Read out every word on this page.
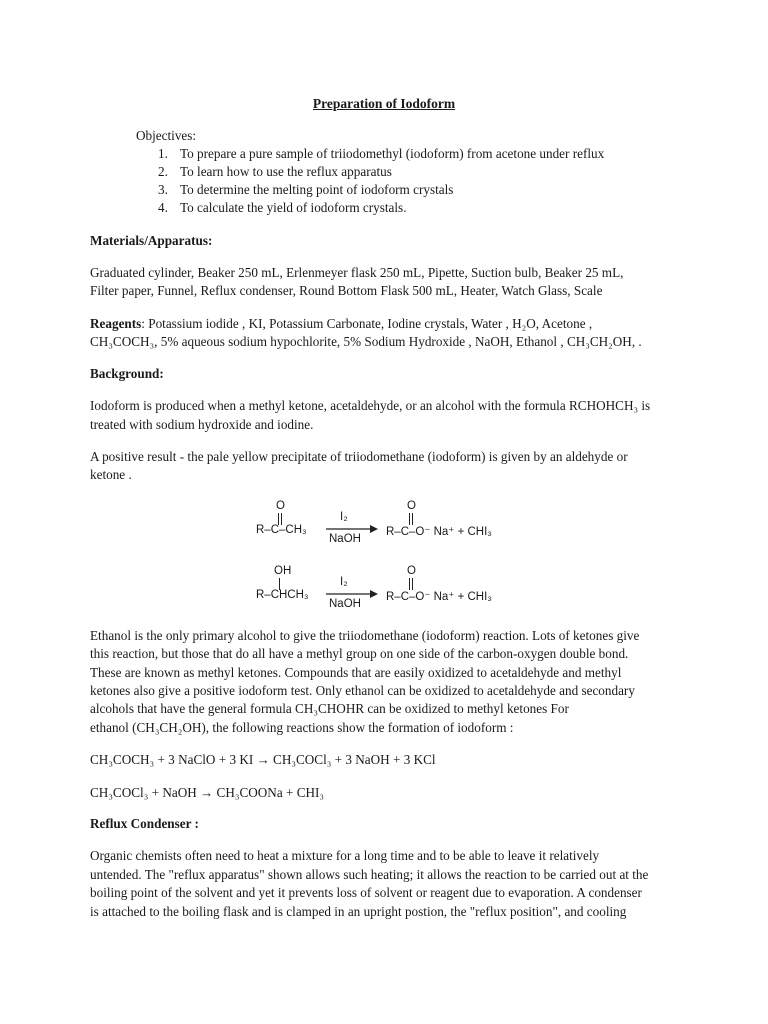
Preparation of Iodoform
Objectives:
1. To prepare a pure sample of triiodomethyl (iodoform) from acetone under reflux
2. To learn how to use the reflux apparatus
3. To determine the melting point of iodoform crystals
4. To calculate the yield of iodoform crystals.
Materials/Apparatus:
Graduated cylinder, Beaker 250 mL, Erlenmeyer flask 250 mL, Pipette, Suction bulb, Beaker 25 mL,
Filter paper, Funnel, Reflux condenser, Round Bottom Flask 500 mL, Heater, Watch Glass, Scale
Reagents: Potassium iodide , KI, Potassium Carbonate, Iodine crystals, Water , H₂O, Acetone ,
CH₃COCH₃, 5% aqueous sodium hypochlorite, 5% Sodium Hydroxide , NaOH, Ethanol , CH₃CH₂OH, .
Background:
Iodoform is produced when a methyl ketone, acetaldehyde, or an alcohol with the formula RCHOHCH₃ is
treated with sodium hydroxide and iodine.
A positive result - the pale yellow precipitate of triiodomethane (iodoform) is given by an aldehyde or
ketone .
O
R–C–CH₃
I₂
NaOH
O
R–C–O⁻ Na⁺ + CHI₃
OH
R–CHCH₃
I₂
NaOH
O
R–C–O⁻ Na⁺ + CHI₃
Ethanol is the only primary alcohol to give the triiodomethane (iodoform) reaction. Lots of ketones give
this reaction, but those that do all have a methyl group on one side of the carbon-oxygen double bond.
These are known as methyl ketones. Compounds that are easily oxidized to acetaldehyde and methyl
ketones also give a positive iodoform test. Only ethanol can be oxidized to acetaldehyde and secondary
alcohols that have the general formula CH₃CHOHR can be oxidized to methyl ketones For
ethanol (CH₃CH₂OH), the following reactions show the formation of iodoform :
CH₃COCH₃ + 3 NaClO + 3 KI → CH₃COCl₃ + 3 NaOH + 3 KCl
CH₃COCl₃ + NaOH → CH₃COONa + CHI₃
Reflux Condenser :
Organic chemists often need to heat a mixture for a long time and to be able to leave it relatively
untended. The "reflux apparatus" shown allows such heating; it allows the reaction to be carried out at the
boiling point of the solvent and yet it prevents loss of solvent or reagent due to evaporation. A condenser
is attached to the boiling flask and is clamped in an upright postion, the "reflux position", and cooling
